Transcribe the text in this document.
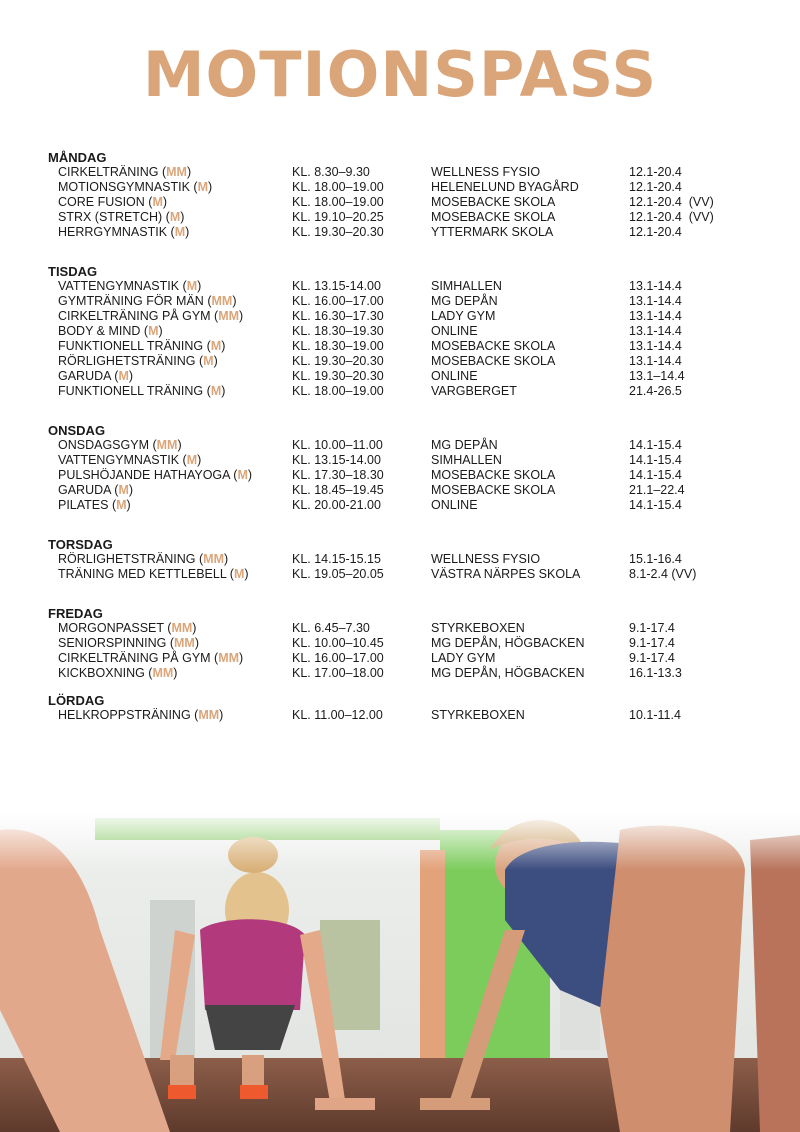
MOTIONSPASS
MÅNDAG
CIRKELTRÄNING (MM)	KL. 8.30–9.30	WELLNESS FYSIO	12.1-20.4
MOTIONSGYMNASTIK (M)	KL. 18.00–19.00	HELENELUND BYAGÅRD	12.1-20.4
CORE FUSION (M)	KL. 18.00–19.00	MOSEBACKE SKOLA	12.1-20.4  (VV)
STRX (STRETCH) (M)	KL. 19.10–20.25	MOSEBACKE SKOLA	12.1-20.4  (VV)
HERRGYMNASTIK (M)	KL. 19.30–20.30	YTTERMARK SKOLA	12.1-20.4
TISDAG
VATTENGYMNASTIK (M)	KL. 13.15-14.00	SIMHALLEN	13.1-14.4
GYMTRÄNING FÖR MÄN (MM)	KL. 16.00–17.00	MG DEPÅN	13.1-14.4
CIRKELTRÄNING PÅ GYM (MM)	KL. 16.30–17.30	LADY GYM	13.1-14.4
BODY & MIND (M)	KL. 18.30–19.30	ONLINE	13.1-14.4
FUNKTIONELL TRÄNING (M)	KL. 18.30–19.00	MOSEBACKE SKOLA	13.1-14.4
RÖRLIGHETSTRÄNING (M)	KL. 19.30–20.30	MOSEBACKE SKOLA	13.1-14.4
GARUDA (M)	KL. 19.30–20.30	ONLINE	13.1–14.4
FUNKTIONELL TRÄNING (M)	KL. 18.00–19.00	VARGBERGET	21.4-26.5
ONSDAG
ONSDAGSGYM (MM)	KL. 10.00–11.00	MG DEPÅN	14.1-15.4
VATTENGYMNASTIK (M)	KL. 13.15-14.00	SIMHALLEN	14.1-15.4
PULSHÖJANDE HATHAYOGA (M)	KL. 17.30–18.30	MOSEBACKE SKOLA	14.1-15.4
GARUDA (M)	KL. 18.45–19.45	MOSEBACKE SKOLA	21.1–22.4
PILATES (M)	KL. 20.00-21.00	ONLINE	14.1-15.4
TORSDAG
RÖRLIGHETSTRÄNING (MM)	KL. 14.15-15.15	WELLNESS FYSIO	15.1-16.4
TRÄNING MED KETTLEBELL (M)	KL. 19.05–20.05	VÄSTRA NÄRPES SKOLA	8.1-2.4 (VV)
FREDAG
MORGONPASSET (MM)	KL. 6.45–7.30	STYRKEBOXEN	9.1-17.4
SENIORSPINNING (MM)	KL. 10.00–10.45	MG DEPÅN, HÖGBACKEN	9.1-17.4
CIRKELTRÄNING PÅ GYM (MM)	KL. 16.00–17.00	LADY GYM	9.1-17.4
KICKBOXNING (MM)	KL. 17.00–18.00	MG DEPÅN, HÖGBACKEN	16.1-13.3
LÖRDAG
HELKROPPSTRÄNING (MM)	KL. 11.00–12.00	STYRKEBOXEN	10.1-11.4
